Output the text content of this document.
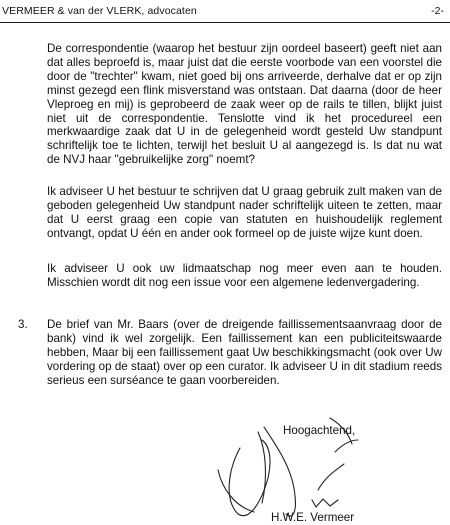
VERMEER & van der VLERK, advocaten	-2-

De correspondentie (waarop het bestuur zijn oordeel baseert) geeft niet aan dat alles beproefd is, maar juist dat die eerste voorbode van een voorstel die door de "trechter" kwam, niet goed bij ons arriveerde, derhalve dat er op zijn minst gezegd een flink misverstand was ontstaan. Dat daarna (door de heer Vleproeg en mij) is geprobeerd de zaak weer op de rails te tillen, blijkt juist niet uit de correspondentie. Tenslotte vind ik het procedureel een merkwaardige zaak dat U in de gelegenheid wordt gesteld Uw standpunt schriftelijk toe te lichten, terwijl het besluit U al aangezegd is. Is dat nu wat de NVJ haar "gebruikelijke zorg" noemt?

Ik adviseer U het bestuur te schrijven dat U graag gebruik zult maken van de geboden gelegenheid Uw standpunt nader schriftelijk uiteen te zetten, maar dat U eerst graag een copie van statuten en huishoudelijk reglement ontvangt, opdat U één en ander ook formeel op de juiste wijze kunt doen.

Ik adviseer U ook uw lidmaatschap nog meer even aan te houden. Misschien wordt dit nog een issue voor een algemene ledenvergadering.

3. De brief van Mr. Baars (over de dreigende faillissementsaanvraag door de bank) vind ik wel zorgelijk. Een faillissement kan een publiciteitswaarde hebben, Maar bij een faillissement gaat Uw beschikkingsmacht (ook over Uw vordering op de staat) over op een curator. Ik adviseer U in dit stadium reeds serieus een surséance te gaan voorbereiden.

Hoogachtend,
H.W.E. Vermeer
